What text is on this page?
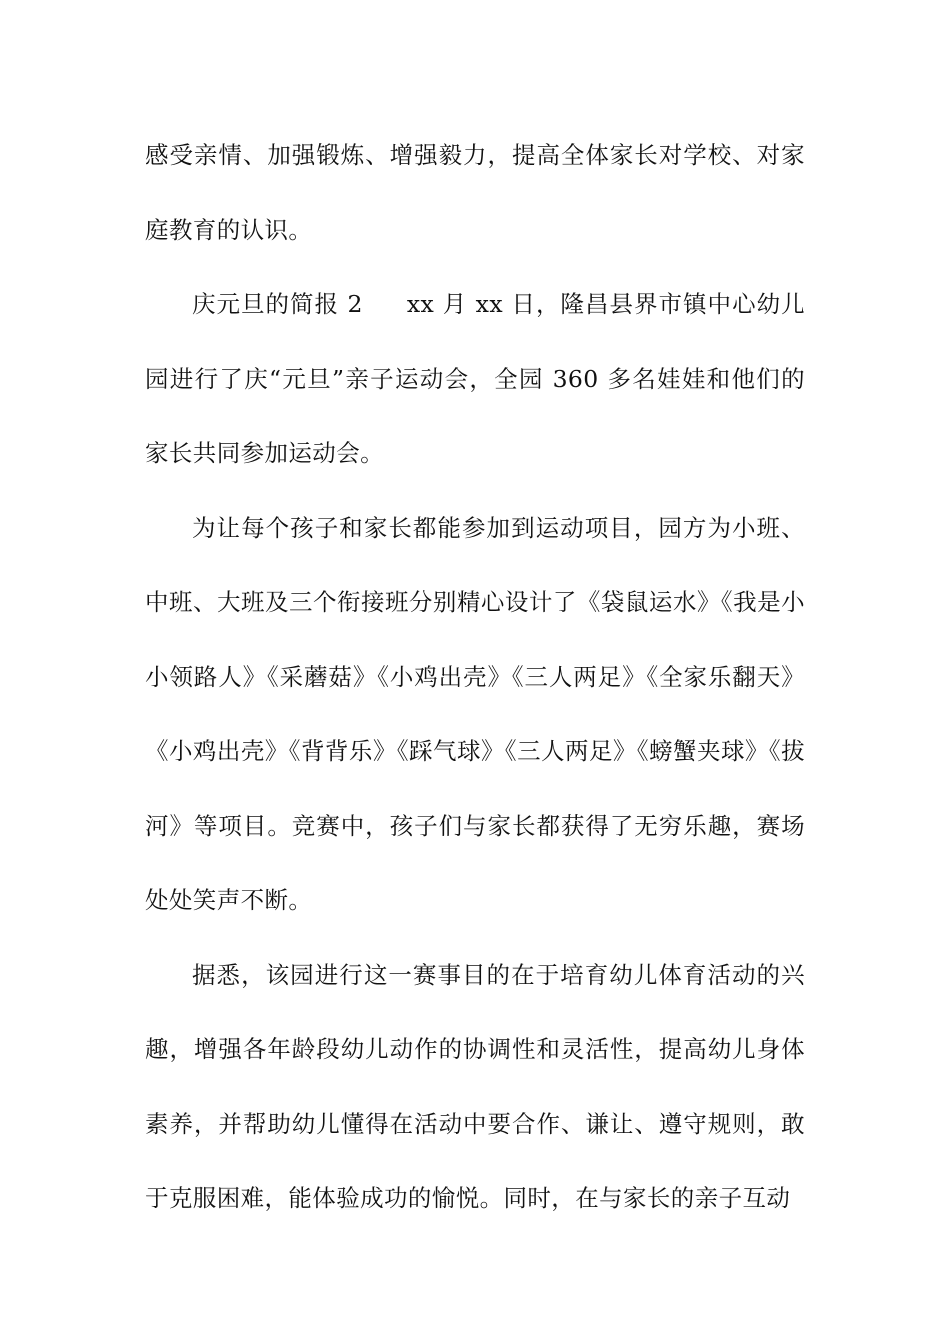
感受亲情、加强锻炼、增强毅力，提高全体家长对学校、对家庭教育的认识。

庆元旦的简报 2 xx 月 xx 日，隆昌县界市镇中心幼儿园进行了庆“元旦”亲子运动会，全园 360 多名娃娃和他们的家长共同参加运动会。

为让每个孩子和家长都能参加到运动项目，园方为小班、中班、大班及三个衔接班分别精心设计了《袋鼠运水》《我是小小领路人》《采蘑菇》《小鸡出壳》《三人两足》《全家乐翻天》《小鸡出壳》《背背乐》《踩气球》《三人两足》《螃蟹夹球》《拔河》等项目。竞赛中，孩子们与家长都获得了无穷乐趣，赛场处处笑声不断。

据悉，该园进行这一赛事目的在于培育幼儿体育活动的兴趣，增强各年龄段幼儿动作的协调性和灵活性，提高幼儿身体素养，并帮助幼儿懂得在活动中要合作、谦让、遵守规则，敢于克服困难，能体验成功的愉悦。同时，在与家长的亲子互动
